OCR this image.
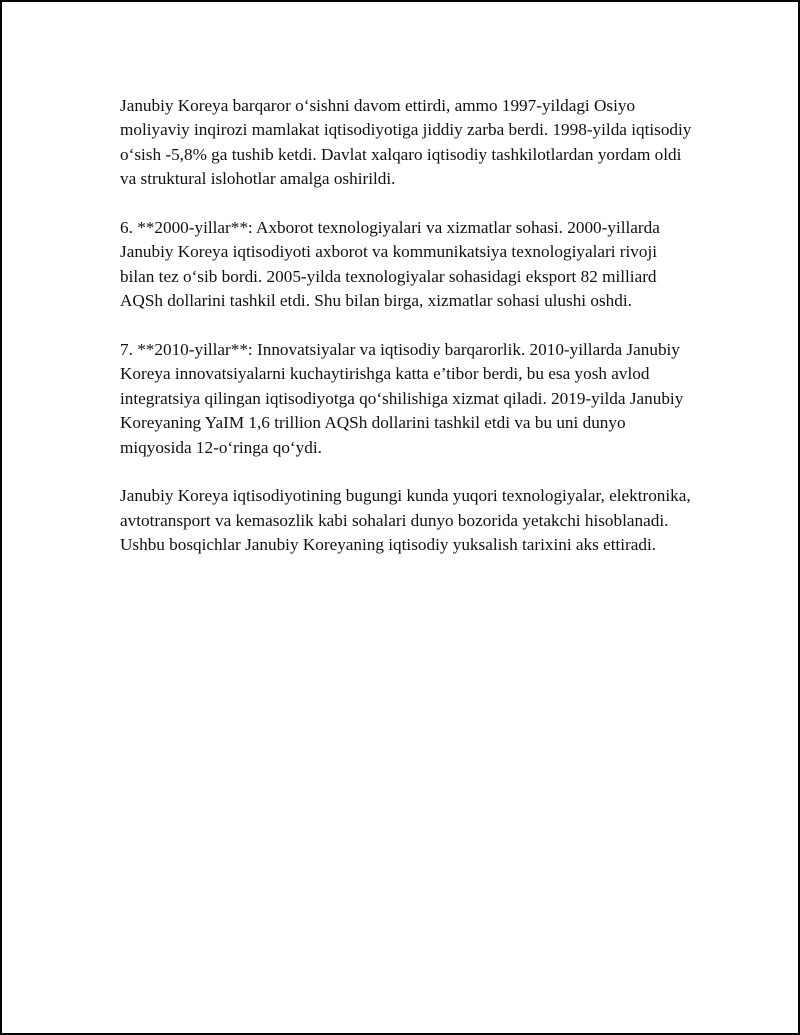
Janubiy Koreya barqaror o‘sishni davom ettirdi, ammo 1997-yildagi Osiyo moliyaviy inqirozi mamlakat iqtisodiyotiga jiddiy zarba berdi. 1998-yilda iqtisodiy o‘sish -5,8% ga tushib ketdi. Davlat xalqaro iqtisodiy tashkilotlardan yordam oldi va struktural islohotlar amalga oshirildi.

6. **2000-yillar**: Axborot texnologiyalari va xizmatlar sohasi. 2000-yillarda Janubiy Koreya iqtisodiyoti axborot va kommunikatsiya texnologiyalari rivoji bilan tez o‘sib bordi. 2005-yilda texnologiyalar sohasidagi eksport 82 milliard AQSh dollarini tashkil etdi. Shu bilan birga, xizmatlar sohasi ulushi oshdi.

7. **2010-yillar**: Innovatsiyalar va iqtisodiy barqarorlik. 2010-yillarda Janubiy Koreya innovatsiyalarni kuchaytirishga katta e’tibor berdi, bu esa yosh avlod integratsiya qilingan iqtisodiyotga qo‘shilishiga xizmat qiladi. 2019-yilda Janubiy Koreyaning YaIM 1,6 trillion AQSh dollarini tashkil etdi va bu uni dunyo miqyosida 12-o‘ringa qo‘ydi.

Janubiy Koreya iqtisodiyotining bugungi kunda yuqori texnologiyalar, elektronika, avtotransport va kemasozlik kabi sohalari dunyo bozorida yetakchi hisoblanadi. Ushbu bosqichlar Janubiy Koreyaning iqtisodiy yuksalish tarixini aks ettiradi.
